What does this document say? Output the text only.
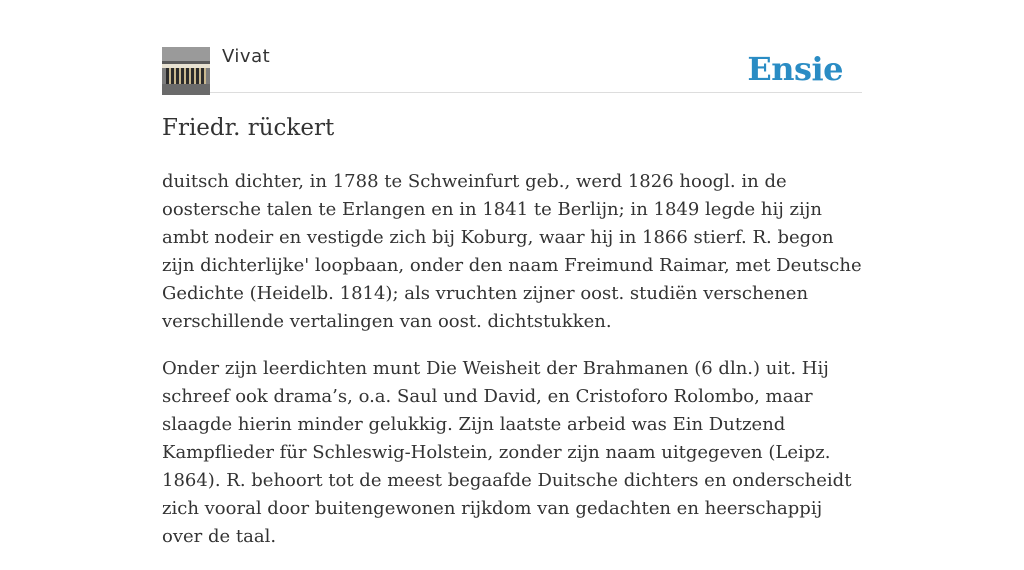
Vivat	Ensie
Friedr. rückert

duitsch dichter, in 1788 te Schweinfurt geb., werd 1826 hoogl. in de oostersche talen te Erlangen en in 1841 te Berlijn; in 1849 legde hij zijn ambt nodeir en vestigde zich bij Koburg, waar hij in 1866 stierf. R. begon zijn dichterlijke' loopbaan, onder den naam Freimund Raimar, met Deutsche Gedichte (Heidelb. 1814); als vruchten zijner oost. studiën verschenen verschillende vertalingen van oost. dichtstukken.

Onder zijn leerdichten munt Die Weisheit der Brahmanen (6 dln.) uit. Hij schreef ook drama’s, o.a. Saul und David, en Cristoforo Rolombo, maar slaagde hierin minder gelukkig. Zijn laatste arbeid was Ein Dutzend Kampflieder für Schleswig-Holstein, zonder zijn naam uitgegeven (Leipz. 1864). R. behoort tot de meest begaafde Duitsche dichters en onderscheidt zich vooral door buitengewonen rijkdom van gedachten en heerschappij over de taal.
